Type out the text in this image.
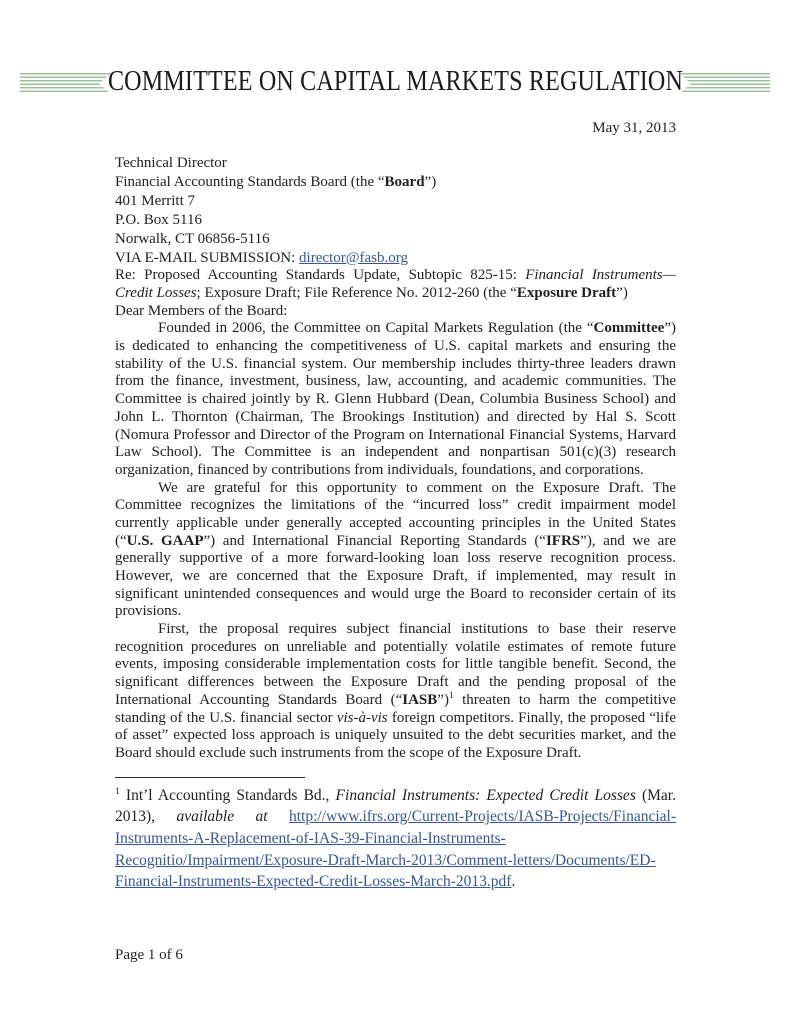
COMMITTEE ON CAPITAL MARKETS REGULATION

May 31, 2013

Technical Director

Financial Accounting Standards Board (the “Board”)

401 Merritt 7

P.O. Box 5116

Norwalk, CT 06856-5116

VIA E-MAIL SUBMISSION: director@fasb.org

Re: Proposed Accounting Standards Update, Subtopic 825-15: Financial Instruments—Credit Losses; Exposure Draft; File Reference No. 2012-260 (the “Exposure Draft”)

Dear Members of the Board:

Founded in 2006, the Committee on Capital Markets Regulation (the “Committee”) is dedicated to enhancing the competitiveness of U.S. capital markets and ensuring the stability of the U.S. financial system. Our membership includes thirty-three leaders drawn from the finance, investment, business, law, accounting, and academic communities. The Committee is chaired jointly by R. Glenn Hubbard (Dean, Columbia Business School) and John L. Thornton (Chairman, The Brookings Institution) and directed by Hal S. Scott (Nomura Professor and Director of the Program on International Financial Systems, Harvard Law School). The Committee is an independent and nonpartisan 501(c)(3) research organization, financed by contributions from individuals, foundations, and corporations.

We are grateful for this opportunity to comment on the Exposure Draft. The Committee recognizes the limitations of the “incurred loss” credit impairment model currently applicable under generally accepted accounting principles in the United States (“U.S. GAAP”) and International Financial Reporting Standards (“IFRS”), and we are generally supportive of a more forward-looking loan loss reserve recognition process. However, we are concerned that the Exposure Draft, if implemented, may result in significant unintended consequences and would urge the Board to reconsider certain of its provisions.

First, the proposal requires subject financial institutions to base their reserve recognition procedures on unreliable and potentially volatile estimates of remote future events, imposing considerable implementation costs for little tangible benefit. Second, the significant differences between the Exposure Draft and the pending proposal of the International Accounting Standards Board (“IASB”)$^1$ threaten to harm the competitive standing of the U.S. financial sector vis-à-vis foreign competitors. Finally, the proposed “life of asset” expected loss approach is uniquely unsuited to the debt securities market, and the Board should exclude such instruments from the scope of the Exposure Draft.

$^1$ Int’l Accounting Standards Bd., Financial Instruments: Expected Credit Losses (Mar. 2013), available at http://www.ifrs.org/Current-Projects/IASB-Projects/Financial-Instruments-A-Replacement-of-IAS-39-Financial-Instruments-Recognitio/Impairment/Exposure-Draft-March-2013/Comment-letters/Documents/ED-Financial-Instruments-Expected-Credit-Losses-March-2013.pdf.

Page 1 of 6
